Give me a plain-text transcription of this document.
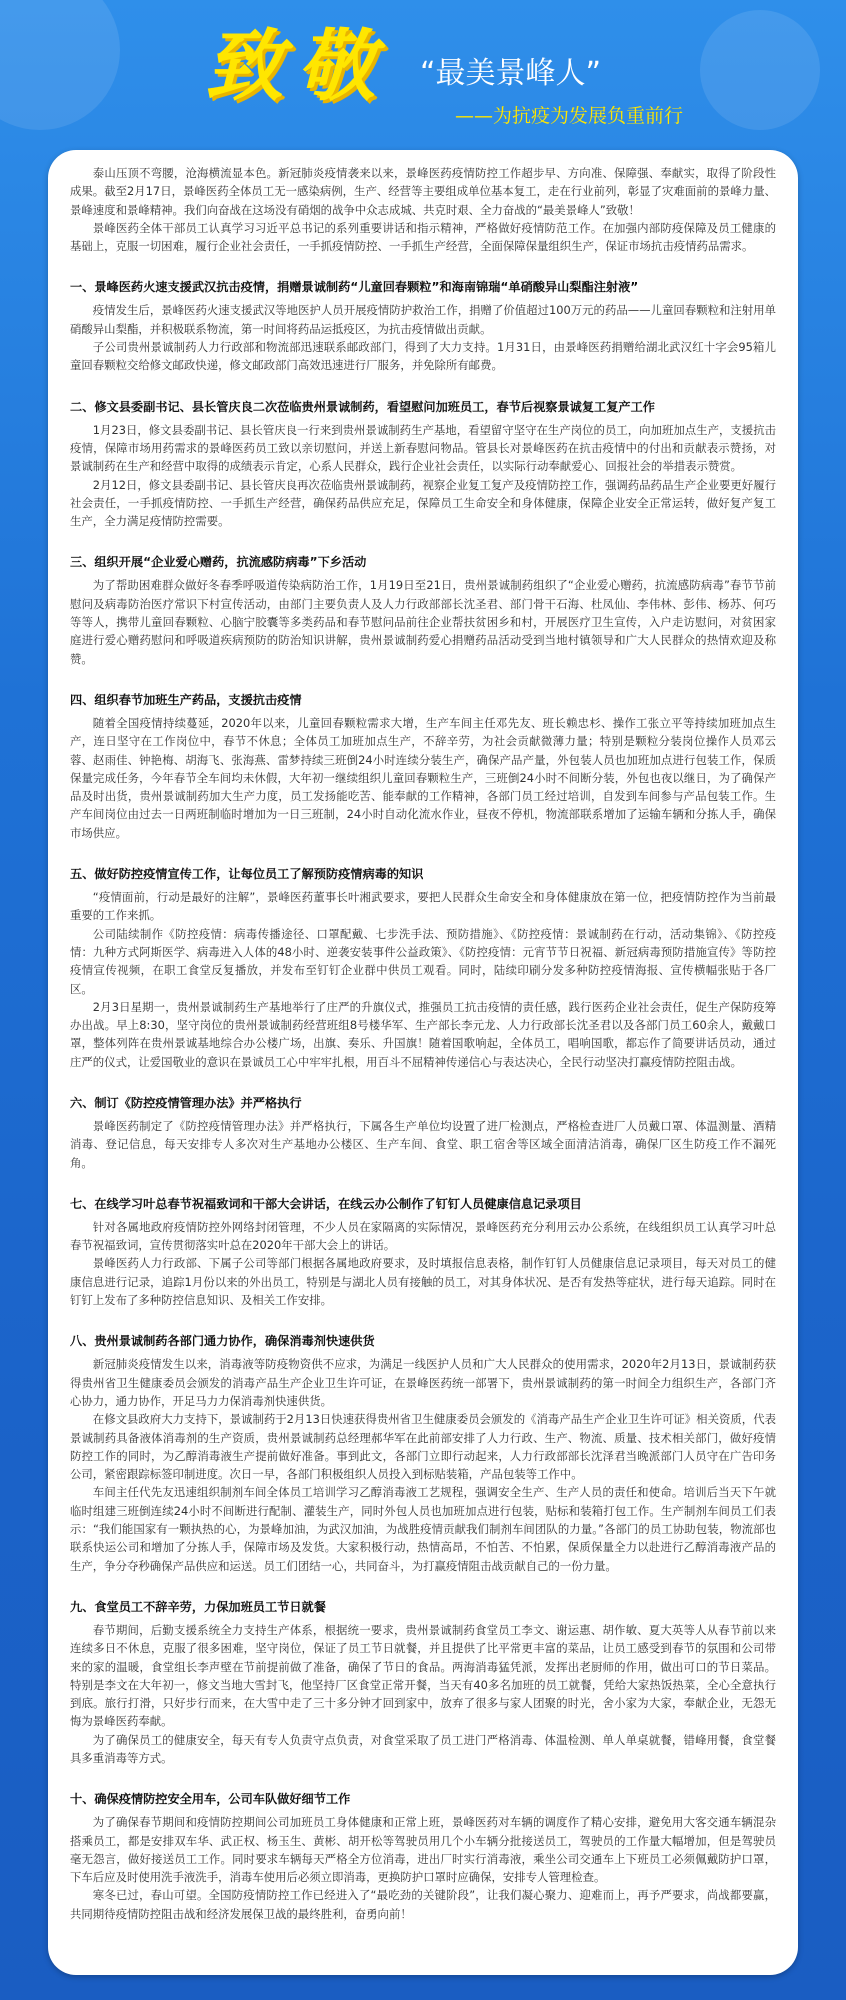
致敬 “最美景峰人”
——为抗疫为发展负重前行

泰山压顶不弯腰，沧海横流显本色。新冠肺炎疫情袭来以来，景峰医药疫情防控工作超步早、方向准、保障强、奉献实，取得了阶段性成果。截至2月17日，景峰医药全体员工无一感染病例，生产、经营等主要组成单位基本复工，走在行业前列，彰显了灾难面前的景峰力量、景峰速度和景峰精神。我们向奋战在这场没有硝烟的战争中众志成城、共克时艰、全力奋战的“最美景峰人”致敬！

景峰医药全体干部员工认真学习习近平总书记的系列重要讲话和指示精神，严格做好疫情防范工作。在加强内部防疫保障及员工健康的基础上，克服一切困难，履行企业社会责任，一手抓疫情防控、一手抓生产经营，全面保障保量组织生产，保证市场抗击疫情药品需求。

一、景峰医药火速支援武汉抗击疫情，捐赠景诚制药“儿童回春颗粒”和海南锦瑞“单硝酸异山梨酯注射液”

疫情发生后，景峰医药火速支援武汉等地医护人员开展疫情防护救治工作，捐赠了价值超过100万元的药品——儿童回春颗粒和注射用单硝酸异山梨酯，并积极联系物流，第一时间将药品运抵疫区，为抗击疫情做出贡献。

子公司贵州景诚制药人力行政部和物流部迅速联系邮政部门，得到了大力支持。1月31日，由景峰医药捐赠给湖北武汉红十字会95箱儿童回春颗粒交给修文邮政快递，修文邮政部门高效迅速进行厂服务，并免除所有邮费。

二、修文县委副书记、县长管庆良二次莅临贵州景诚制药，看望慰问加班员工，春节后视察景诚复工复产工作

1月23日，修文县委副书记、县长管庆良一行来到贵州景诚制药生产基地，看望留守坚守在生产岗位的员工，向加班加点生产，支援抗击疫情，保障市场用药需求的景峰医药员工致以亲切慰问，并送上新春慰问物品。管县长对景峰医药在抗击疫情中的付出和贡献表示赞扬，对景诚制药在生产和经营中取得的成绩表示肯定，心系人民群众，践行企业社会责任，以实际行动奉献爱心、回报社会的举措表示赞赏。

2月12日，修文县委副书记、县长管庆良再次莅临贵州景诚制药，视察企业复工复产及疫情防控工作，强调药品药品生产企业要更好履行社会责任，一手抓疫情防控、一手抓生产经营，确保药品供应充足，保障员工生命安全和身体健康，保障企业安全正常运转，做好复产复工生产，全力满足疫情防控需要。

三、组织开展“企业爱心赠药，抗流感防病毒”下乡活动

为了帮助困难群众做好冬春季呼吸道传染病防治工作，1月19日至21日，贵州景诚制药组织了“企业爱心赠药，抗流感防病毒”春节节前慰问及病毒防治医疗常识下村宣传活动，由部门主要负责人及人力行政部部长沈圣君、部门骨干石海、杜凤仙、李伟林、彭伟、杨苏、何巧等等人，携带儿童回春颗粒、心脑宁胶囊等多类药品和春节慰问品前往企业帮扶贫困乡和村，开展医疗卫生宣传，入户走访慰问，对贫困家庭进行爱心赠药慰问和呼吸道疾病预防的防治知识讲解，贵州景诚制药爱心捐赠药品活动受到当地村镇领导和广大人民群众的热情欢迎及称赞。

四、组织春节加班生产药品，支援抗击疫情

随着全国疫情持续蔓延，2020年以来，儿童回春颗粒需求大增，生产车间主任邓先友、班长赖忠杉、操作工张立平等持续加班加点生产，连日坚守在工作岗位中，春节不休息；全体员工加班加点生产，不辞辛劳，为社会贡献微薄力量；特别是颗粒分装岗位操作人员邓云蓉、赵雨佳、钟艳梅、胡海飞、张海燕、雷梦持续三班倒24小时连续分装生产，确保产品产量，外包装人员也加班加点进行包装工作，保质保量完成任务，今年春节全车间均未休假，大年初一继续组织儿童回春颗粒生产，三班倒24小时不间断分装，外包也夜以继日，为了确保产品及时出货，贵州景诚制药加大生产力度，员工发扬能吃苦、能奉献的工作精神，各部门员工经过培训，自发到车间参与产品包装工作。生产车间岗位由过去一日两班制临时增加为一日三班制，24小时自动化流水作业，昼夜不停机，物流部联系增加了运输车辆和分拣人手，确保市场供应。

五、做好防控疫情宣传工作，让每位员工了解预防疫情病毒的知识

“疫情面前，行动是最好的注解”，景峰医药董事长叶湘武要求，要把人民群众生命安全和身体健康放在第一位，把疫情防控作为当前最重要的工作来抓。

公司陆续制作《防控疫情：病毒传播途径、口罩配戴、七步洗手法、预防措施》、《防控疫情：景诚制药在行动，活动集锦》、《防控疫情：九种方式阿斯医学、病毒进入人体的48小时、逆袭安装事件公益政策》、《防控疫情：元宵节节日祝福、新冠病毒预防措施宣传》等防控疫情宣传视频，在职工食堂反复播放，并发布至钉钉企业群中供员工观看。同时，陆续印刷分发多种防控疫情海报、宣传横幅张贴于各厂区。

2月3日星期一，贵州景诚制药生产基地举行了庄严的升旗仪式，推强员工抗击疫情的责任感，践行医药企业社会责任，促生产保防疫筹办出战。早上8:30，坚守岗位的贵州景诚制药经营班组8号楼华军、生产部长李元龙、人力行政部长沈圣君以及各部门员工60余人，戴戴口罩，整体列阵在贵州景诚基地综合办公楼广场，出旗、奏乐、升国旗！随着国歌响起，全体员工，唱响国歌，都忘作了简要讲话员动，通过庄严的仪式，让爱国敬业的意识在景诚员工心中牢牢扎根，用百斗不屈精神传递信心与表达决心，全民行动坚决打赢疫情防控阻击战。

六、制订《防控疫情管理办法》并严格执行

景峰医药制定了《防控疫情管理办法》并严格执行，下属各生产单位均设置了进厂检测点，严格检查进厂人员戴口罩、体温测量、酒精消毒、登记信息，每天安排专人多次对生产基地办公楼区、生产车间、食堂、职工宿舍等区域全面清洁消毒，确保厂区生防疫工作不漏死角。

七、在线学习叶总春节祝福致词和干部大会讲话，在线云办公制作了钉钉人员健康信息记录项目

针对各属地政府疫情防控外网络封闭管理，不少人员在家隔离的实际情况，景峰医药充分利用云办公系统，在线组织员工认真学习叶总春节祝福致词，宣传贯彻落实叶总在2020年干部大会上的讲话。

景峰医药人力行政部、下属子公司等部门根据各属地政府要求，及时填报信息表格，制作钉钉人员健康信息记录项目，每天对员工的健康信息进行记录，追踪1月份以来的外出员工，特别是与湖北人员有接触的员工，对其身体状况、是否有发热等症状，进行每天追踪。同时在钉钉上发布了多种防控信息知识、及相关工作安排。

八、贵州景诚制药各部门通力协作，确保消毒剂快速供货

新冠肺炎疫情发生以来，消毒液等防疫物资供不应求，为满足一线医护人员和广大人民群众的使用需求，2020年2月13日，景诚制药获得贵州省卫生健康委员会颁发的消毒产品生产企业卫生许可证，在景峰医药统一部署下，贵州景诚制药的第一时间全力组织生产，各部门齐心协力，通力协作，开足马力力保消毒剂快速供货。

在修文县政府大力支持下，景诚制药于2月13日快速获得贵州省卫生健康委员会颁发的《消毒产品生产企业卫生许可证》相关资质，代表景诚制药具备液体消毒剂的生产资质，贵州景诚制药总经理郝华军在此前部安排了人力行政、生产、物流、质量、技术相关部门，做好疫情防控工作的同时，为乙醇消毒液生产提前做好准备。事到此文，各部门立即行动起来，人力行政部部长沈泽君当晚派部门人员守在广告印务公司，紧密跟踪标签印制进度。次日一早，各部门积极组织人员投入到标贴装箱，产品包装等工作中。

车间主任代先友迅速组织制剂车间全体员工培训学习乙醇消毒液工艺规程，强调安全生产、生产人员的责任和使命。培训后当天下午就临时组建三班倒连续24小时不间断进行配制、灌装生产，同时外包人员也加班加点进行包装，贴标和装箱打包工作。生产制剂车间员工们表示：“我们能国家有一颗执热的心，为景峰加油，为武汉加油，为战胜疫情贡献我们制剂车间团队的力量。”各部门的员工协助包装，物流部也联系快运公司和增加了分拣人手，保障市场及发货。大家积极行动，热情高昂，不怕苦、不怕累，保质保量全力以赴进行乙醇消毒液产品的生产，争分夺秒确保产品供应和运送。员工们团结一心，共同奋斗，为打赢疫情阻击战贡献自己的一份力量。

九、食堂员工不辞辛劳，力保加班员工节日就餐

春节期间，后勤支援系统全力支持生产体系，根据统一要求，贵州景诚制药食堂员工李文、谢运惠、胡作敏、夏大英等人从春节前以来连续多日不休息，克服了很多困难，坚守岗位，保证了员工节日就餐，并且提供了比平常更丰富的菜品，让员工感受到春节的氛围和公司带来的家的温暖，食堂组长李声壁在节前提前做了准备，确保了节日的食品。两海消毒猛凭派，发挥出老厨师的作用，做出可口的节日菜品。特别是李文在大年初一，修文当地大雪封飞，他坚持厂区食堂正常开餐，当天有40多名加班的员工就餐，凭给大家热饭热菜，全心全意执行到底。旅行打滑，只好步行而来，在大雪中走了三十多分钟才回到家中，放弃了很多与家人团聚的时光，舍小家为大家，奉献企业，无怨无悔为景峰医药奉献。

为了确保员工的健康安全，每天有专人负责守点负责，对食堂采取了员工进门严格消毒、体温检测、单人单桌就餐，错峰用餐，食堂餐具多重消毒等方式。

十、确保疫情防控安全用车，公司车队做好细节工作

为了确保春节期间和疫情防控期间公司加班员工身体健康和正常上班，景峰医药对车辆的调度作了精心安排，避免用大客交通车辆混杂搭乘员工，都是安排双车华、武正权、杨玉生、黄彬、胡开松等驾驶员用几个小车辆分批接送员工，驾驶员的工作量大幅增加，但是驾驶员毫无怨言，做好接送员工工作。同时要求车辆每天严格全方位消毒，进出厂时实行消毒液，乘坐公司交通车上下班员工必须佩戴防护口罩，下车后应及时使用洗手液洗手，消毒车使用后必须立即消毒，更换防护口罩时应确保，安排专人管理检查。

寒冬已过，春山可望。全国防疫情防控工作已经进入了“最吃劲的关键阶段”，让我们凝心聚力、迎难而上，再予严要求，尚战都要赢，共同期待疫情防控阻击战和经济发展保卫战的最终胜利，奋勇向前！
